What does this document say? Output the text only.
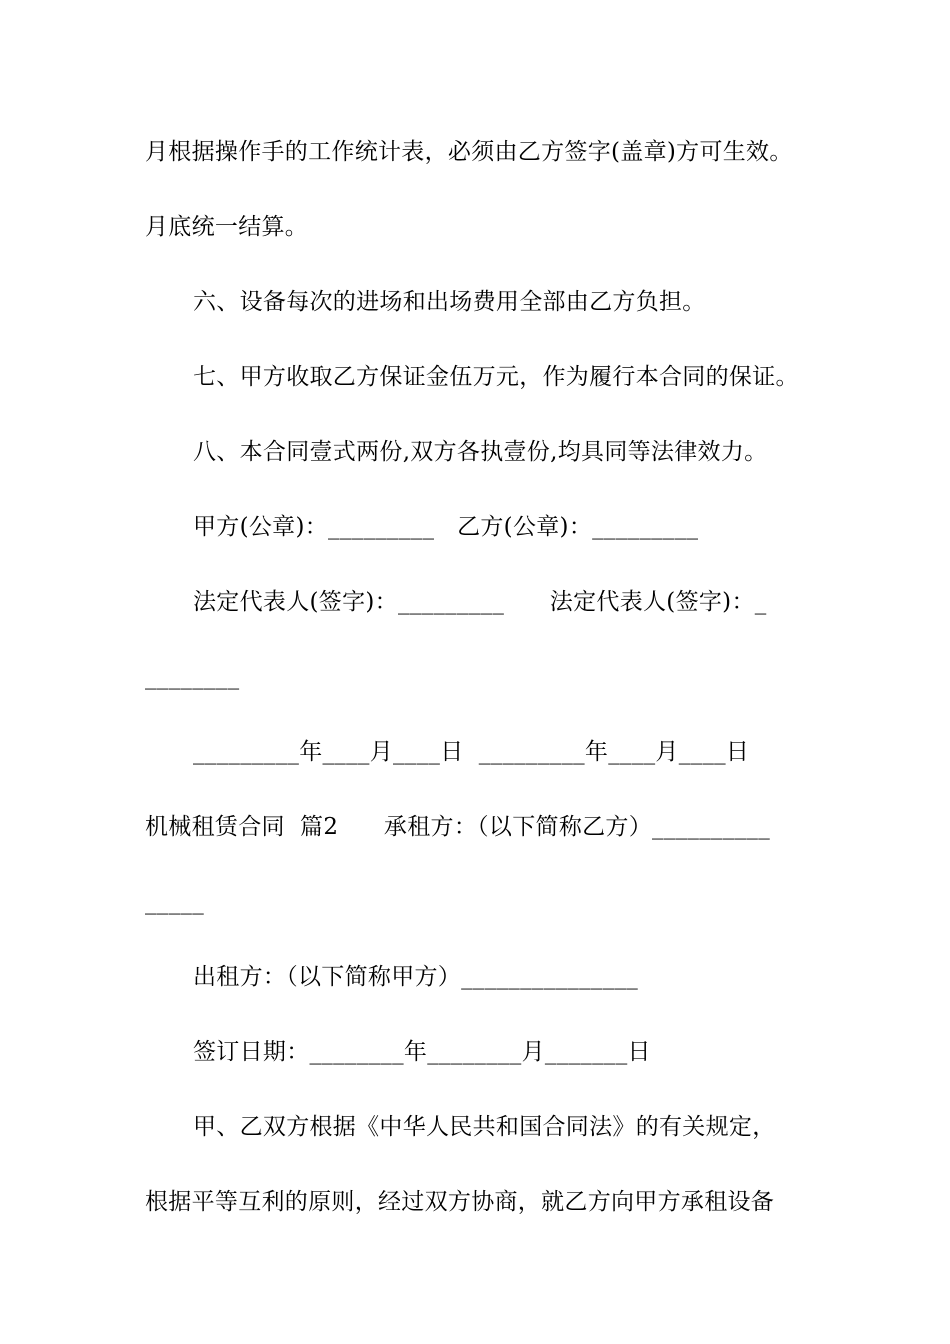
月根据操作手的工作统计表，必须由乙方签字(盖章)方可生效。
月底统一结算。
六、设备每次的进场和出场费用全部由乙方负担。
七、甲方收取乙方保证金伍万元，作为履行本合同的保证。
八、本合同壹式两份,双方各执壹份,均具同等法律效力。
甲方(公章)：_________   乙方(公章)：_________
法定代表人(签字)：_________      法定代表人(签字)：_
________
_________年____月____日  _________年____月____日
机械租赁合同  篇2      承租方：（以下简称乙方）__________
_____
出租方：（以下简称甲方）_______________
签订日期：________年________月_______日
甲、乙双方根据《中华人民共和国合同法》的有关规定，
根据平等互利的原则，经过双方协商，就乙方向甲方承租设备
